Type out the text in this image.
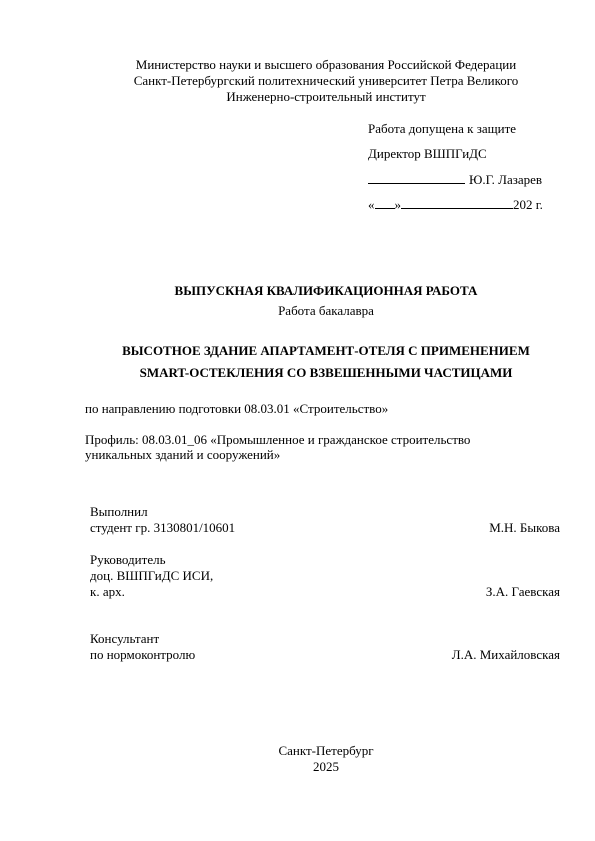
Министерство науки и высшего образования Российской Федерации
Санкт-Петербургский политехнический университет Петра Великого
Инженерно-строительный институт
Работа допущена к защите
Директор ВШПГиДС
Ю.Г. Лазарев
« »	202 г.
ВЫПУСКНАЯ КВАЛИФИКАЦИОННАЯ РАБОТА
Работа бакалавра
ВЫСОТНОЕ ЗДАНИЕ АПАРТАМЕНТ-ОТЕЛЯ С ПРИМЕНЕНИЕМ
SMART-ОСТЕКЛЕНИЯ СО ВЗВЕШЕННЫМИ ЧАСТИЦАМИ
по направлению подготовки 08.03.01 «Строительство»
Профиль: 08.03.01_06 «Промышленное и гражданское строительство
уникальных зданий и сооружений»
Выполнил
студент гр. 3130801/10601	М.Н. Быкова
Руководитель
доц. ВШПГиДС ИСИ,
к. арх.	З.А. Гаевская
Консультант
по нормоконтролю	Л.А. Михайловская
Санкт-Петербург
2025
